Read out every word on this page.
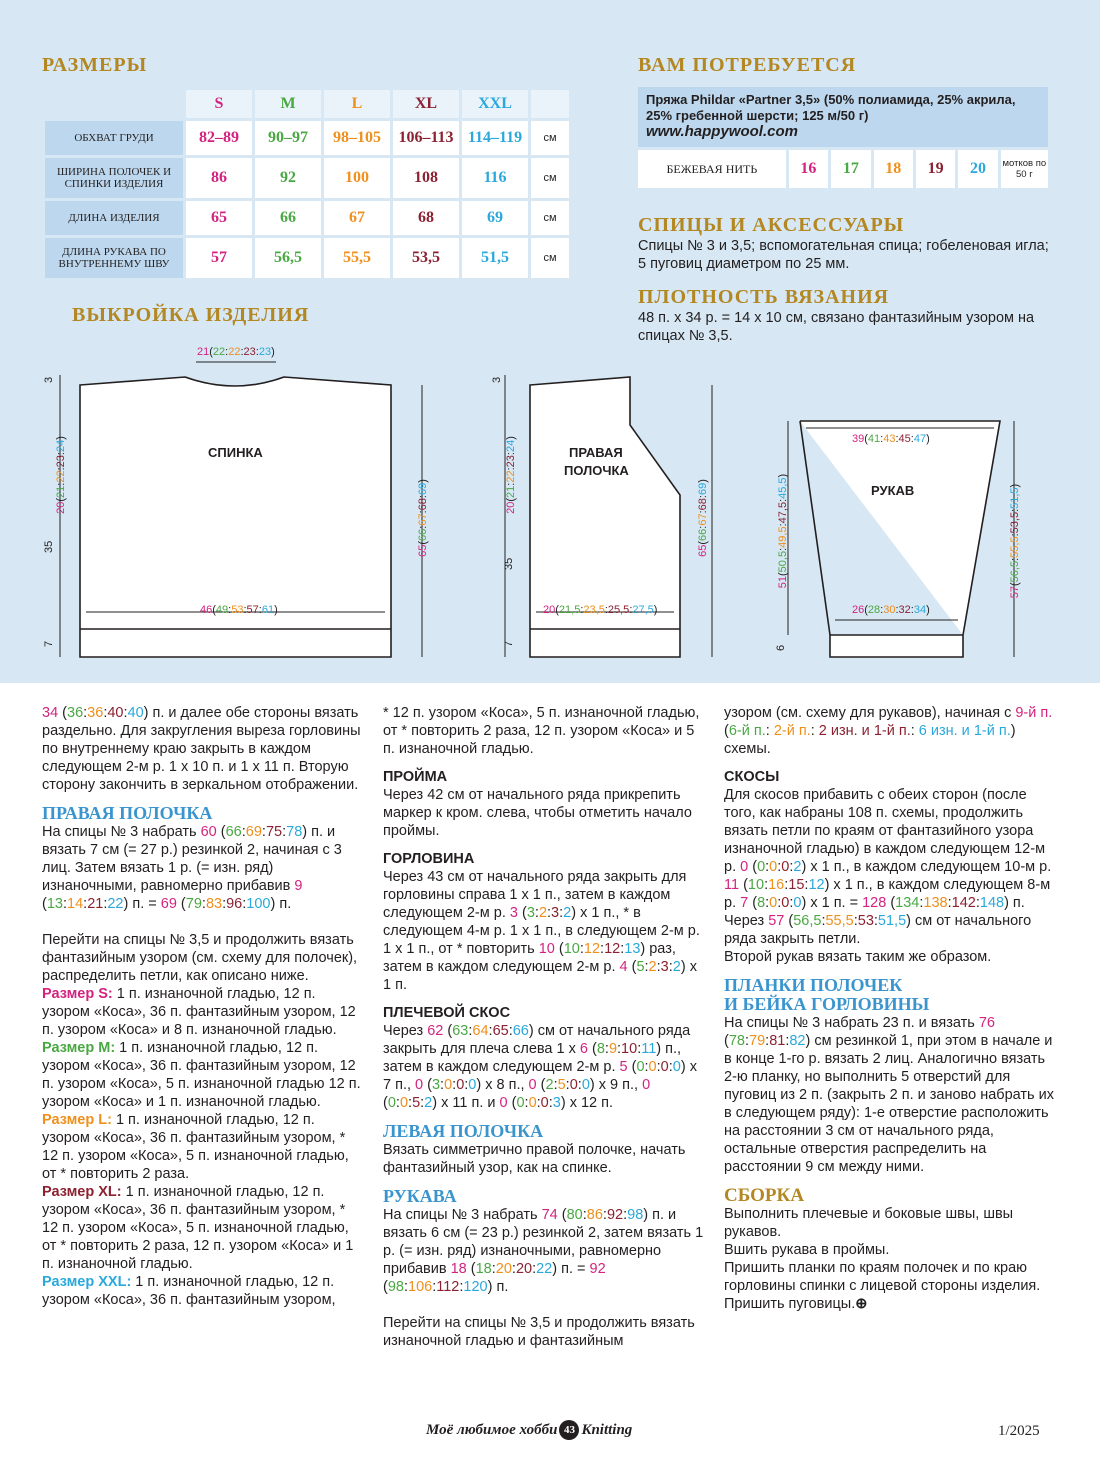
РАЗМЕРЫ	ВАМ ПОТРЕБУЕТСЯ
	S	M	L	XL	XXL	
ОБХВАТ ГРУДИ	82–89	90–97	98–105	106–113	114–119	см
ШИРИНА ПОЛОЧЕК И СПИНКИ ИЗДЕЛИЯ	86	92	100	108	116	см
ДЛИНА ИЗДЕЛИЯ	65	66	67	68	69	см
ДЛИНА РУКАВА ПО ВНУТРЕННЕМУ ШВУ	57	56,5	55,5	53,5	51,5	см
Пряжа Phildar «Partner 3,5» (50% полиамида, 25% акрила, 25% гребенной шерсти; 125 м/50 г)
www.happywool.com
БЕЖЕВАЯ НИТЬ	16	17	18	19	20	мотков по 50 г
СПИЦЫ И АКСЕССУАРЫ
Спицы № 3 и 3,5; вспомогательная спица; гобеленовая игла; 5 пуговиц диаметром по 25 мм.
ПЛОТНОСТЬ ВЯЗАНИЯ
48 п. x 34 р. = 14 x 10 см, связано фантазийным узором на спицах № 3,5.
ВЫКРОЙКА ИЗДЕЛИЯ
СПИНКА	ПРАВАЯ
ПОЛОЧКА
РУКАВ
7
35
3
7
35
3
6
21(22:22:23:23)
46(49:53:57:61)	20(21,5:23,5:25,5:27,5)
39(41:43:45:47)
26(28:30:32:34)
20(21:22:23:24)
65(66:67:68:69)
20(21:22:23:24)
65(66:67:68:69)
51(50,5:49,5:47,5:45,5)
57(56,5:55,5:53,5:51,5)

34 (36:36:40:40) п. и далее обе стороны вязать раздельно. Для закругления выреза горловины по внутреннему краю закрыть в каждом следующем 2-м р. 1 х 10 п. и 1 х 11 п. Вторую сторону закончить в зеркальном отображении.

ПРАВАЯ ПОЛОЧКА

На спицы № 3 набрать 60 (66:69:75:78) п. и вязать 7 см (= 27 р.) резинкой 2, начиная с 3 лиц. Затем вязать 1 р. (= изн. ряд) изнаночными, равномерно прибавив 9 (13:14:21:22) п. = 69 (79:83:96:100) п.

Перейти на спицы № 3,5 и продолжить вязать фантазийным узором (см. схему для полочек), распределить петли, как описано ниже.

Размер S: 1 п. изнаночной гладью, 12 п. узором «Коса», 36 п. фантазийным узором, 12 п. узором «Коса» и 8 п. изнаночной гладью.

Размер M: 1 п. изнаночной гладью, 12 п. узором «Коса», 36 п. фантазийным узором, 12 п. узором «Коса», 5 п. изнаночной гладью 12 п. узором «Коса» и 1 п. изнаночной гладью.

Размер L: 1 п. изнаночной гладью, 12 п. узором «Коса», 36 п. фантазийным узором, * 12 п. узором «Коса», 5 п. изнаночной гладью, от * повторить 2 раза.

Размер XL: 1 п. изнаночной гладью, 12 п. узором «Коса», 36 п. фантазийным узором, * 12 п. узором «Коса», 5 п. изнаночной гладью, от * повторить 2 раза, 12 п. узором «Коса» и 1 п. изнаночной гладью.

Размер XXL: 1 п. изнаночной гладью, 12 п. узором «Коса», 36 п. фантазийным узором,

* 12 п. узором «Коса», 5 п. изнаночной гладью, от * повторить 2 раза, 12 п. узором «Коса» и 5 п. изнаночной гладью.

ПРОЙМА

Через 42 см от начального ряда прикрепить маркер к кром. слева, чтобы отметить начало проймы.

ГОРЛОВИНА

Через 43 см от начального ряда закрыть для горловины справа 1 х 1 п., затем в каждом следующем 2-м р. 3 (3:2:3:2) х 1 п., * в следующем 4-м р. 1 х 1 п., в следующем 2-м р. 1 х 1 п., от * повторить 10 (10:12:12:13) раз, затем в каждом следующем 2-м р. 4 (5:2:3:2) х 1 п.

ПЛЕЧЕВОЙ СКОС

Через 62 (63:64:65:66) см от начального ряда закрыть для плеча слева 1 х 6 (8:9:10:11) п., затем в каждом следующем 2-м р. 5 (0:0:0:0) х 7 п., 0 (3:0:0:0) х 8 п., 0 (2:5:0:0) х 9 п., 0 (0:0:5:2) х 11 п. и 0 (0:0:0:3) х 12 п.

ЛЕВАЯ ПОЛОЧКА

Вязать симметрично правой полочке, начать фантазийный узор, как на спинке.

РУКАВА

На спицы № 3 набрать 74 (80:86:92:98) п. и вязать 6 см (= 23 р.) резинкой 2, затем вязать 1 р. (= изн. ряд) изнаночными, равномерно прибавив 18 (18:20:20:22) п. = 92 (98:106:112:120) п.

Перейти на спицы № 3,5 и продолжить вязать изнаночной гладью и фантазийным

узором (см. схему для рукавов), начиная с 9-й п. (6-й п.: 2-й п.: 2 изн. и 1-й п.: 6 изн. и 1-й п.) схемы.

СКОСЫ

Для скосов прибавить с обеих сторон (после того, как набраны 108 п. схемы, продолжить вязать петли по краям от фантазийного узора изнаночной гладью) в каждом следующем 12-м р. 0 (0:0:0:2) х 1 п., в каждом следующем 10-м р. 11 (10:16:15:12) х 1 п., в каждом следующем 8-м р. 7 (8:0:0:0) х 1 п. = 128 (134:138:142:148) п.

Через 57 (56,5:55,5:53:51,5) см от начального ряда закрыть петли.

Второй рукав вязать таким же образом.

ПЛАНКИ ПОЛОЧЕК
И БЕЙКА ГОРЛОВИНЫ

На спицы № 3 набрать 23 п. и вязать 76 (78:79:81:82) см резинкой 1, при этом в начале и в конце 1-го р. вязать 2 лиц. Аналогично вязать 2-ю планку, но выполнить 5 отверстий для пуговиц из 2 п. (закрыть 2 п. и заново набрать их в следующем ряду): 1-е отверстие расположить на расстоянии 3 см от начального ряда, остальные отверстия распределить на расстоянии 9 см между ними.

СБОРКА

Выполнить плечевые и боковые швы, швы рукавов.

Вшить рукава в проймы.

Пришить планки по краям полочек и по краю горловины спинки с лицевой стороны изделия.

Пришить пуговицы.⊕

Моё любимое хобби 43 Knitting	1/2025
